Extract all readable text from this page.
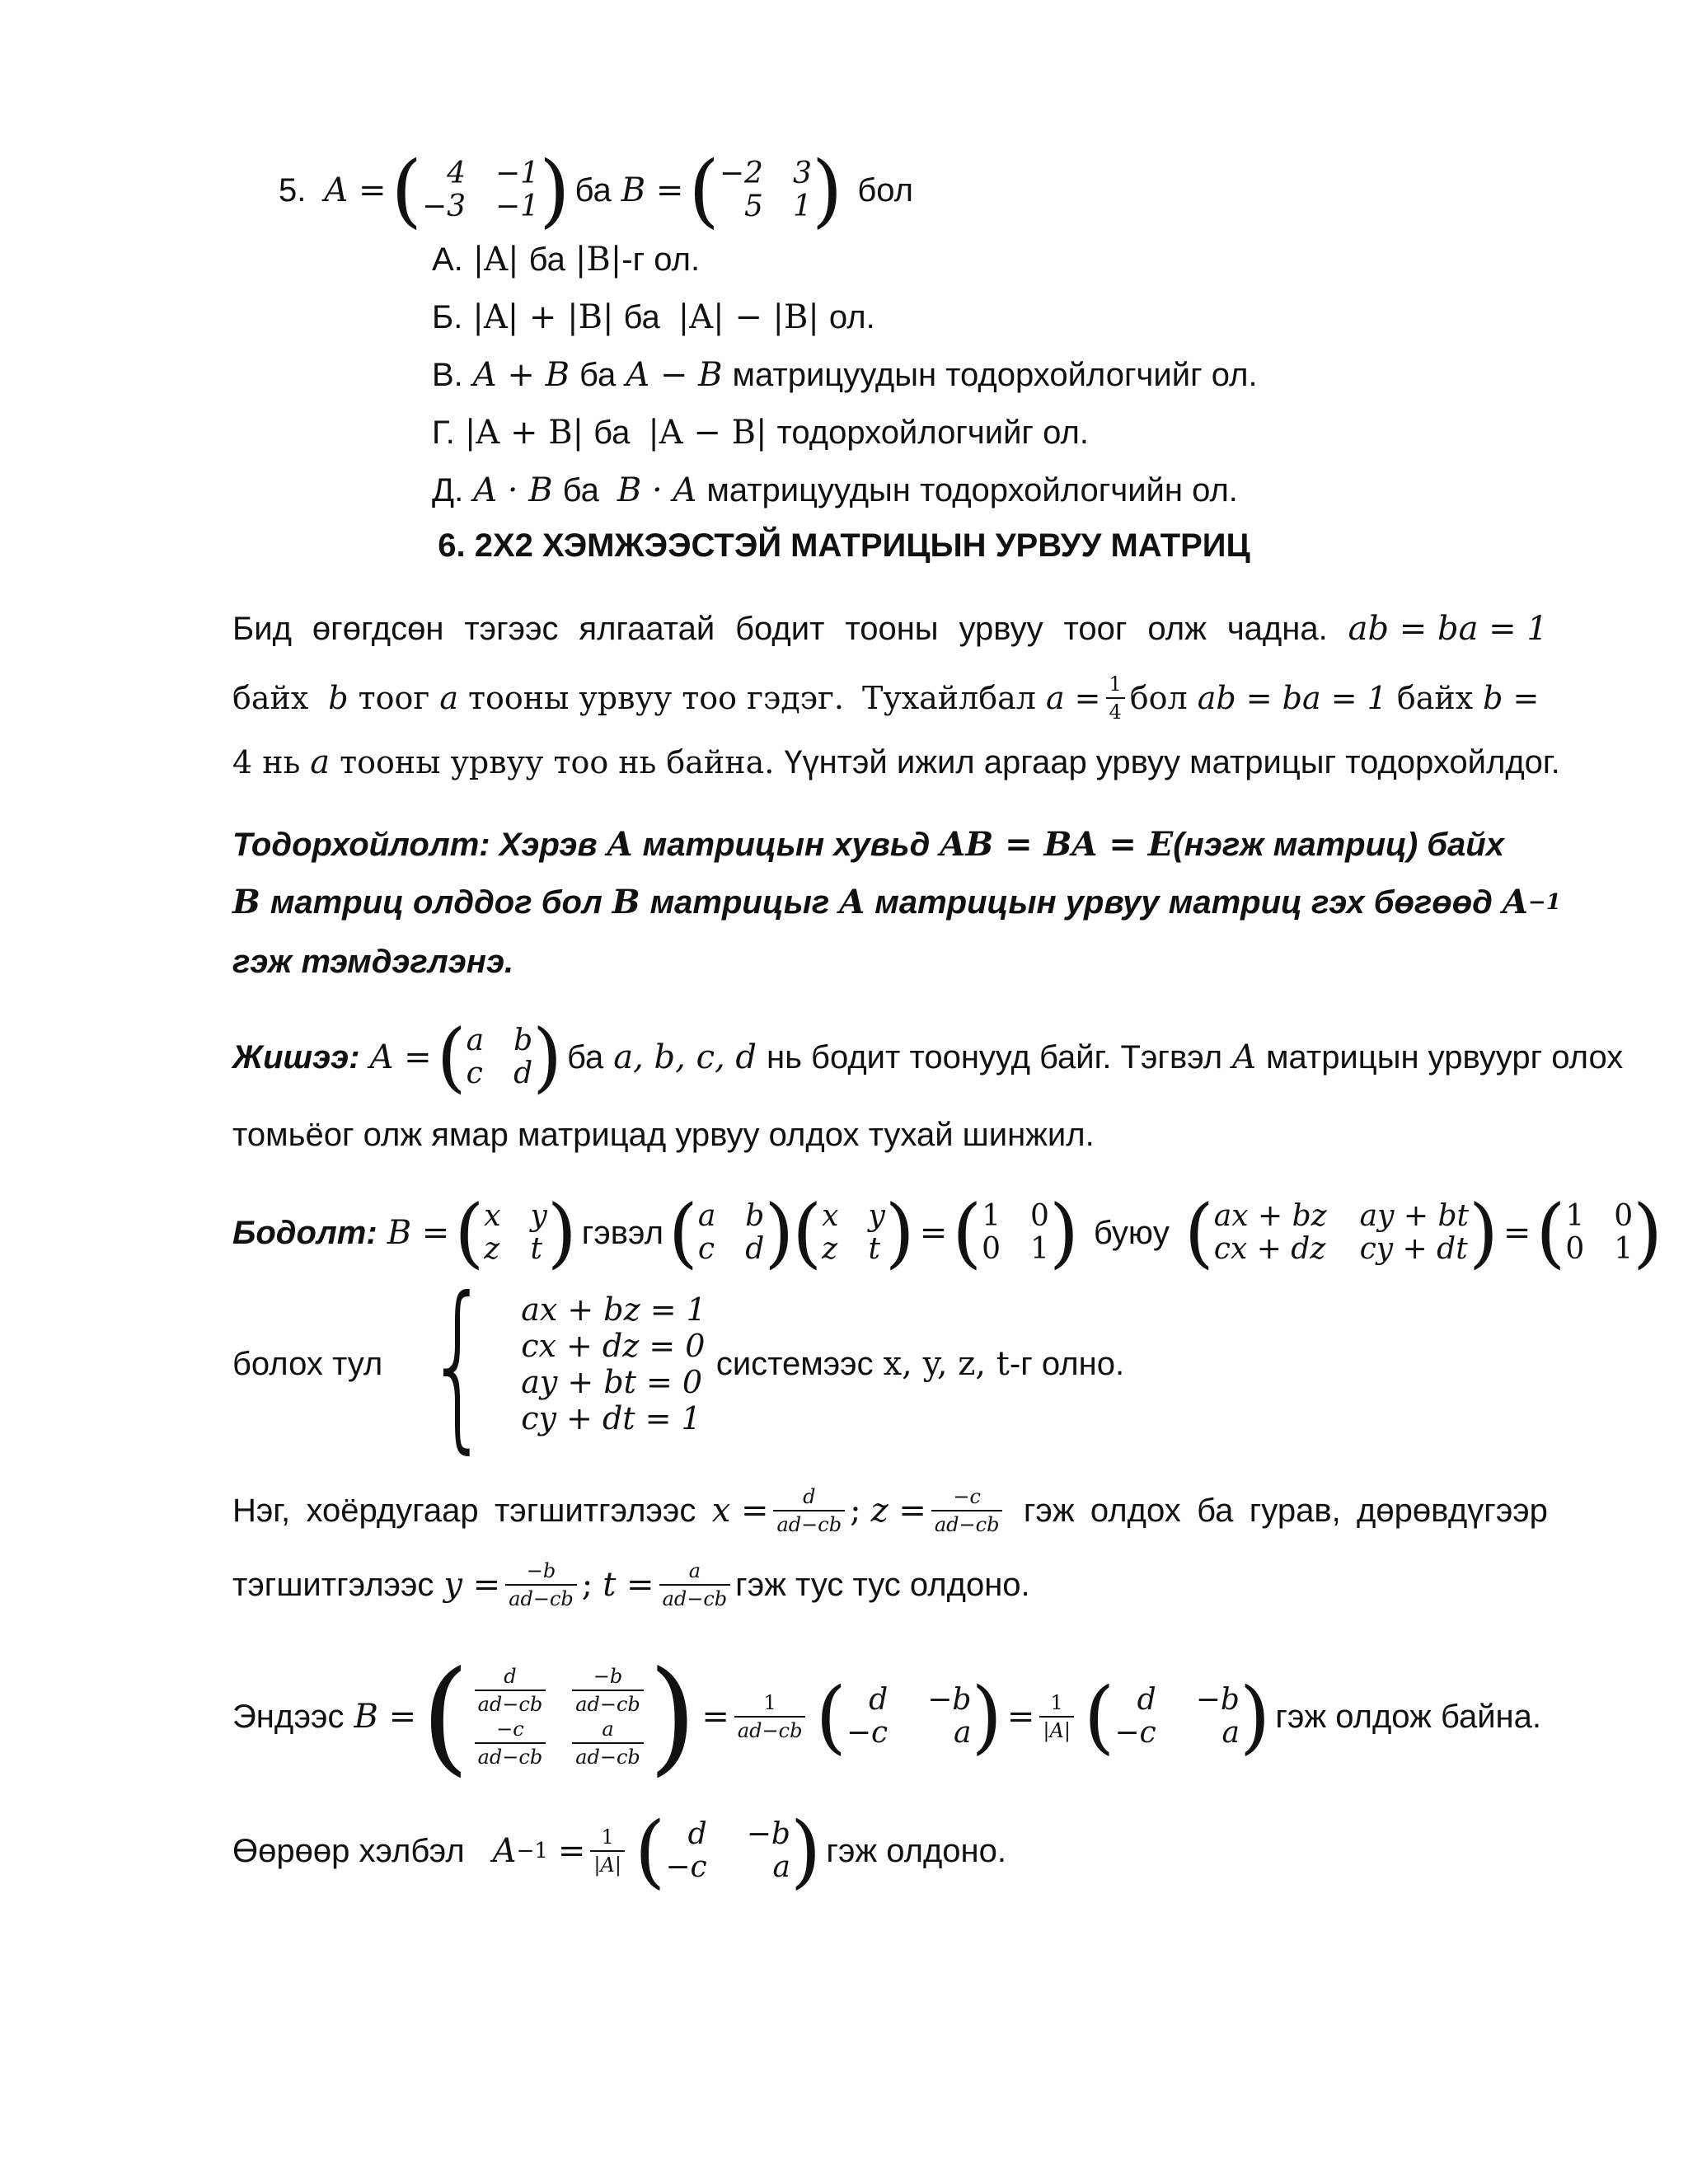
5. A = ( 4 −1
−3 −1 ) ба B = ( −2 3
5 1 ) бол
А. |A| ба |B| -г ол.
Б. |A| + |B| ба |A| − |B| ол.
В. A + B ба A − B матрицуудын тодорхойлогчийг ол.
Г. |A + B| ба |A − B| тодорхойлогчийг ол.
Д. A · B ба B · A матрицуудын тодорхойлогчийн ол.
6. 2X2 ХЭМЖЭЭСТЭЙ МАТРИЦЫН УРВУУ МАТРИЦ
Бид өгөгдсөн тэгээс ялгаатай бодит тооны урвуу тоог олж чадна. ab = ba = 1
байх b тоог a тооны урвуу тоо гэдэг. Тухайлбал $a = \frac{1}{4}$ бол ab = ba = 1 байх b =
4 нь a тооны урвуу тоо нь байна. Үүнтэй ижил аргаар урвуу матрицыг тодорхойлдог.
Тодорхойлолт: Хэрэв A матрицын хувьд AB = BA = E (нэгж матриц) байх
B матриц олддог бол B матрицыг A матрицын урвуу матриц гэх бөгөөд A −1
гэж тэмдэглэнэ.
Жишээ: A = ( a b
c d ) ба a, b, c, d нь бодит тоонууд байг. Тэгвэл A матрицын урвуург олох
томьёог олж ямар матрицад урвуу олдох тухай шинжил.
Бодолт: B = ( x y
z t ) гэвэл ( a b
c d )
( x y
z t ) = ( 1 0
0 1 ) буюу ( ax + bz ay + bt
cx + dz cy + dt ) = ( 1 0
0 1 )
болох тул { ax + bz = 1
cx + dz = 0
ay + bt = 0
cy + dt = 1
системээс x, y, z, t -г олно.
Нэг, хоёрдугаар тэгшитгэлээс $x = \frac{d}{ad-cb}$ ; $z = \frac{-c}{ad-cb}$ гэж олдох ба гурав, дөрөвдүгээр
тэгшитгэлээс $y = \frac{-b}{ad-cb}$ ; $t = \frac{a}{ad-cb}$ гэж тус тус олдоно.
Эндээс B = ( $\frac{d}{ad-cb} \frac{-b}{ad-cb}$
$\frac{-c}{ad-cb} \frac{a}{ad-cb}$ ) = $\frac{1}{ad-cb}$ ( d −b
−c	a ) = $\frac{1}{|A|}$ ( d −b
−c	a ) гэж олдож байна.
Өөрөөр хэлбэл $A -1 = \frac{1}{|A|}$ ( d −b
−c	a ) гэж олдоно.
